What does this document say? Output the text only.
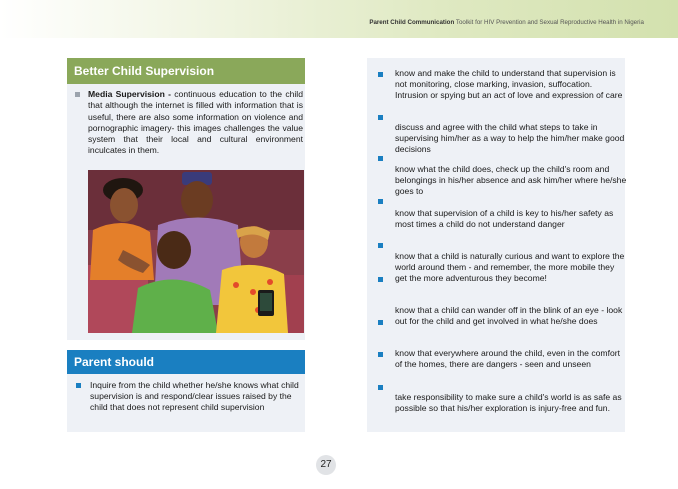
Parent Child Communication Toolkit for HIV Prevention and Sexual Reproductive Health in Nigeria
Better Child Supervision
Media Supervision - continuous education to the child that although the internet is filled with information that is useful, there are also some information on violence and pornographic imagery- this images challenges the value system that their local and cultural environment inculcates in them.
Parent should
Inquire from the child whether he/she knows what child supervision is and respond/clear issues raised by the child that does not represent child supervision
know and make the child to understand that supervision is not monitoring, close marking, invasion, suffocation. Intrusion or spying but an act of love and expression of care
discuss and agree with the child what steps to take in supervising him/her as a way to help the him/her make good decisions
know what the child does, check up the child's room and belongings in his/her absence and ask him/her where he/she goes to
know that supervision of a child is key to his/her safety as most times a child do not understand danger
know that a child is naturally curious and want to explore the world around them - and remember, the more mobile they get the more adventurous they become!
know that a child can wander off in the blink of an eye - look out for the child and get involved in what he/she does
know that everywhere around the child, even in the comfort of the homes, there are dangers - seen and unseen
take responsibility to make sure a child's world is as safe as possible so that his/her exploration is injury-free and fun.
27
